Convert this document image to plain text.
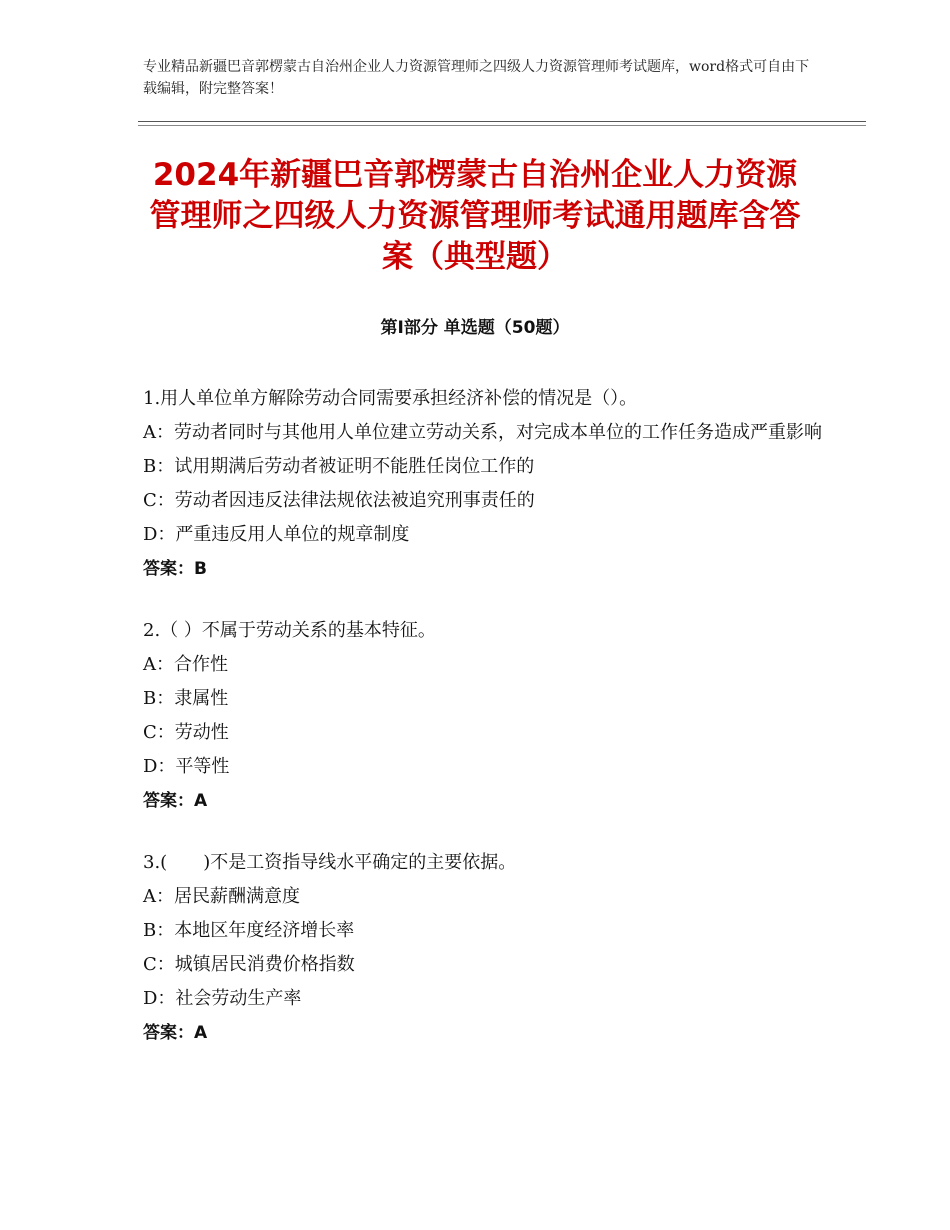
专业精品新疆巴音郭楞蒙古自治州企业人力资源管理师之四级人力资源管理师考试题库，word格式可自由下载编辑，附完整答案！
2024年新疆巴音郭楞蒙古自治州企业人力资源管理师之四级人力资源管理师考试通用题库含答案（典型题）
第Ⅰ部分 单选题（50题）
1.用人单位单方解除劳动合同需要承担经济补偿的情况是（）。
A：劳动者同时与其他用人单位建立劳动关系，对完成本单位的工作任务造成严重影响
B：试用期满后劳动者被证明不能胜任岗位工作的
C：劳动者因违反法律法规依法被追究刑事责任的
D：严重违反用人单位的规章制度
答案：B
2.（ ）不属于劳动关系的基本特征。
A：合作性
B：隶属性
C：劳动性
D：平等性
答案：A
3.(　　)不是工资指导线水平确定的主要依据。
A：居民薪酬满意度
B：本地区年度经济增长率
C：城镇居民消费价格指数
D：社会劳动生产率
答案：A
